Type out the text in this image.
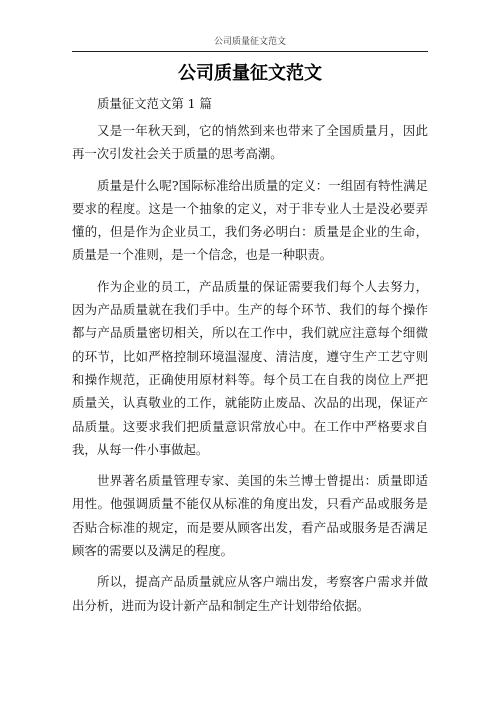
公司质量征文范文
公司质量征文范文

质量征文范文第 1 篇

又是一年秋天到，它的悄然到来也带来了全国质量月，因此再一次引发社会关于质量的思考高潮。

质量是什么呢?国际标准给出质量的定义：一组固有特性满足要求的程度。这是一个抽象的定义，对于非专业人士是没必要弄懂的，但是作为企业员工，我们务必明白：质量是企业的生命，质量是一个准则，是一个信念，也是一种职责。

作为企业的员工，产品质量的保证需要我们每个人去努力，因为产品质量就在我们手中。生产的每个环节、我们的每个操作都与产品质量密切相关，所以在工作中，我们就应注意每个细微的环节，比如严格控制环境温湿度、清洁度，遵守生产工艺守则和操作规范，正确使用原材料等。每个员工在自我的岗位上严把质量关，认真敬业的工作，就能防止废品、次品的出现，保证产品质量。这要求我们把质量意识常放心中。在工作中严格要求自我，从每一件小事做起。

世界著名质量管理专家、美国的朱兰博士曾提出：质量即适用性。他强调质量不能仅从标准的角度出发，只看产品或服务是否贴合标准的规定，而是要从顾客出发，看产品或服务是否满足顾客的需要以及满足的程度。

所以，提高产品质量就应从客户端出发，考察客户需求并做出分析，进而为设计新产品和制定生产计划带给依据。
